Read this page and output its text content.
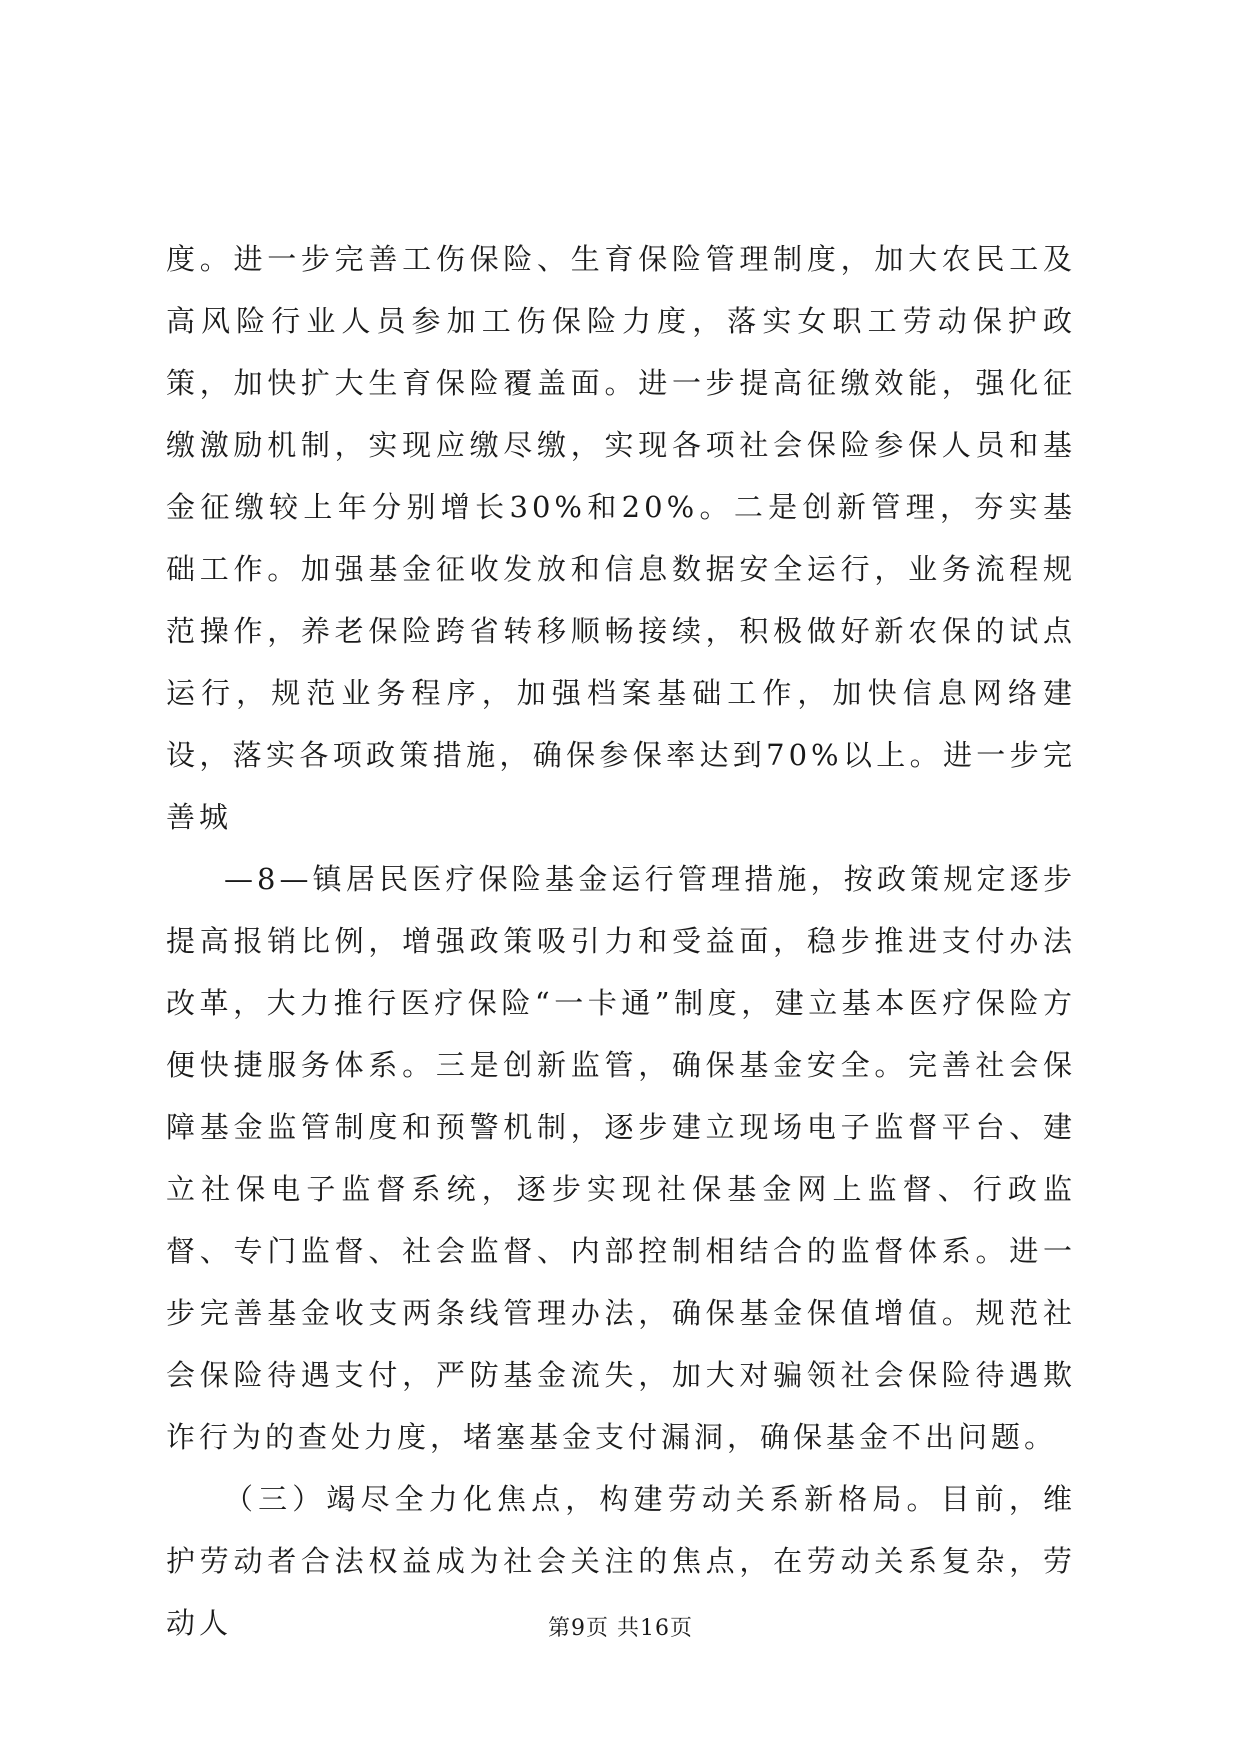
度。进一步完善工伤保险、生育保险管理制度，加大农民工及高风险行业人员参加工伤保险力度，落实女职工劳动保护政策，加快扩大生育保险覆盖面。进一步提高征缴效能，强化征缴激励机制，实现应缴尽缴，实现各项社会保险参保人员和基金征缴较上年分别增长30%和20%。二是创新管理，夯实基础工作。加强基金征收发放和信息数据安全运行，业务流程规范操作，养老保险跨省转移顺畅接续，积极做好新农保的试点运行，规范业务程序，加强档案基础工作，加快信息网络建设，落实各项政策措施，确保参保率达到70%以上。进一步完善城

—8—镇居民医疗保险基金运行管理措施，按政策规定逐步提高报销比例，增强政策吸引力和受益面，稳步推进支付办法改革，大力推行医疗保险“一卡通”制度，建立基本医疗保险方便快捷服务体系。三是创新监管，确保基金安全。完善社会保障基金监管制度和预警机制，逐步建立现场电子监督平台、建立社保电子监督系统，逐步实现社保基金网上监督、行政监督、专门监督、社会监督、内部控制相结合的监督体系。进一步完善基金收支两条线管理办法，确保基金保值增值。规范社会保险待遇支付，严防基金流失，加大对骗领社会保险待遇欺诈行为的查处力度，堵塞基金支付漏洞，确保基金不出问题。

（三）竭尽全力化焦点，构建劳动关系新格局。目前，维护劳动者合法权益成为社会关注的焦点，在劳动关系复杂，劳动人	第9页 共16页
